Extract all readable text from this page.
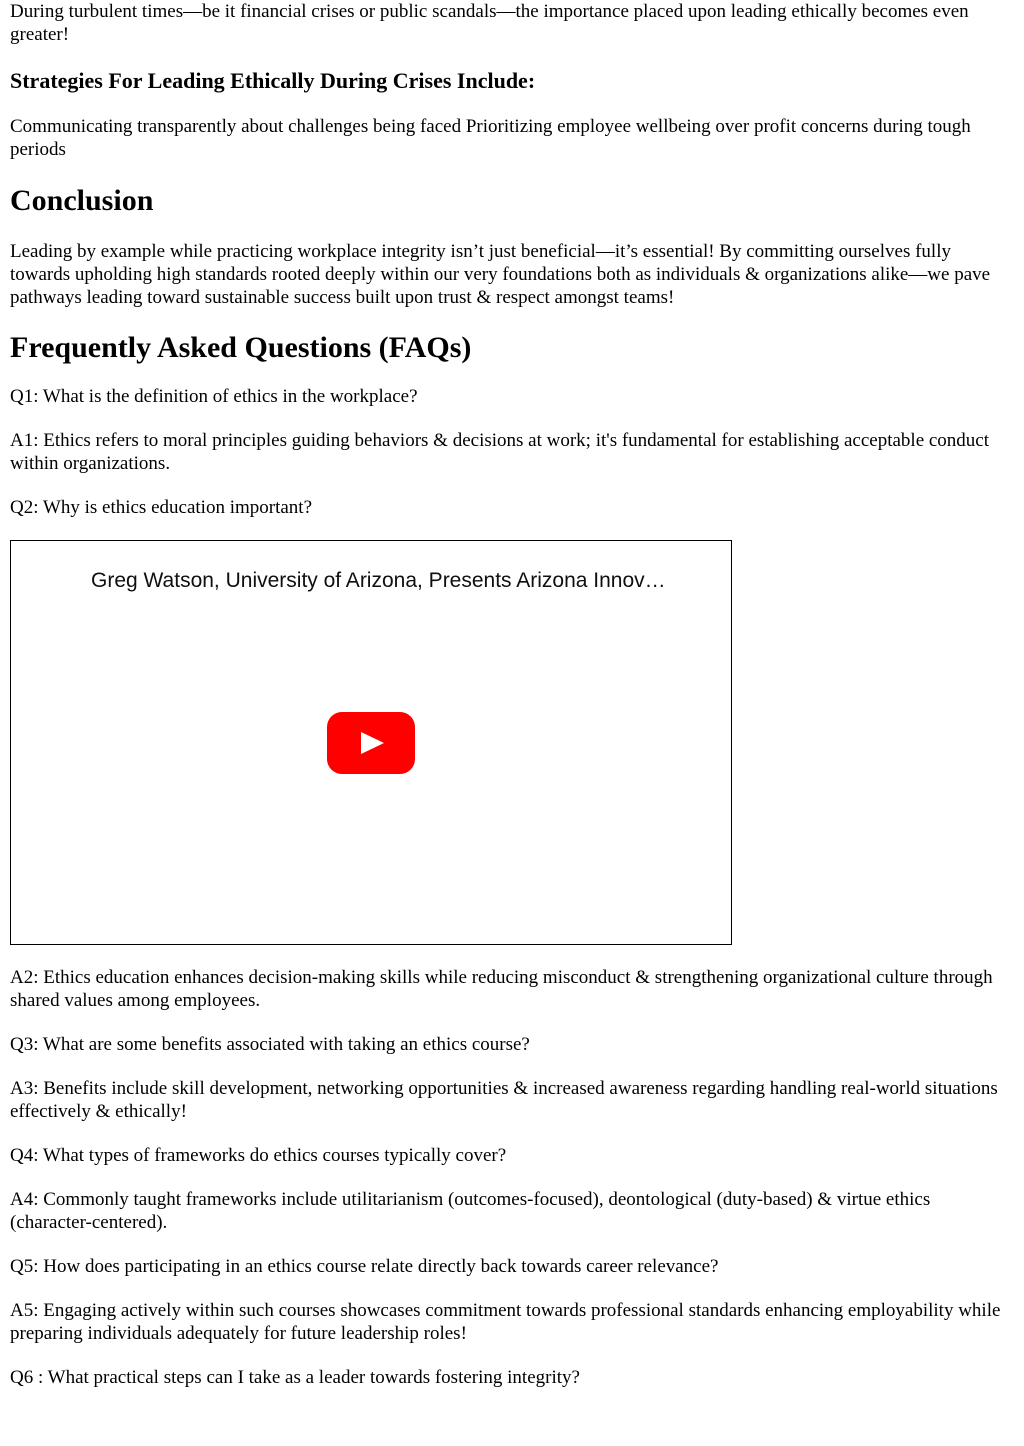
During turbulent times—be it financial crises or public scandals—the importance placed upon leading ethically becomes even greater!

Strategies For Leading Ethically During Crises Include:

Communicating transparently about challenges being faced Prioritizing employee wellbeing over profit concerns during tough periods

Conclusion

Leading by example while practicing workplace integrity isn’t just beneficial—it’s essential! By committing ourselves fully towards upholding high standards rooted deeply within our very foundations both as individuals & organizations alike—we pave pathways leading toward sustainable success built upon trust & respect amongst teams!

Frequently Asked Questions (FAQs)

Q1: What is the definition of ethics in the workplace?

A1: Ethics refers to moral principles guiding behaviors & decisions at work; it's fundamental for establishing acceptable conduct within organizations.

Q2: Why is ethics education important?

Greg Watson, University of Arizona, Presents Arizona Innov…

A2: Ethics education enhances decision-making skills while reducing misconduct & strengthening organizational culture through shared values among employees.

Q3: What are some benefits associated with taking an ethics course?

A3: Benefits include skill development, networking opportunities & increased awareness regarding handling real-world situations effectively & ethically!

Q4: What types of frameworks do ethics courses typically cover?

A4: Commonly taught frameworks include utilitarianism (outcomes-focused), deontological (duty-based) & virtue ethics (character-centered).

Q5: How does participating in an ethics course relate directly back towards career relevance?

A5: Engaging actively within such courses showcases commitment towards professional standards enhancing employability while preparing individuals adequately for future leadership roles!

Q6 : What practical steps can I take as a leader towards fostering integrity?
